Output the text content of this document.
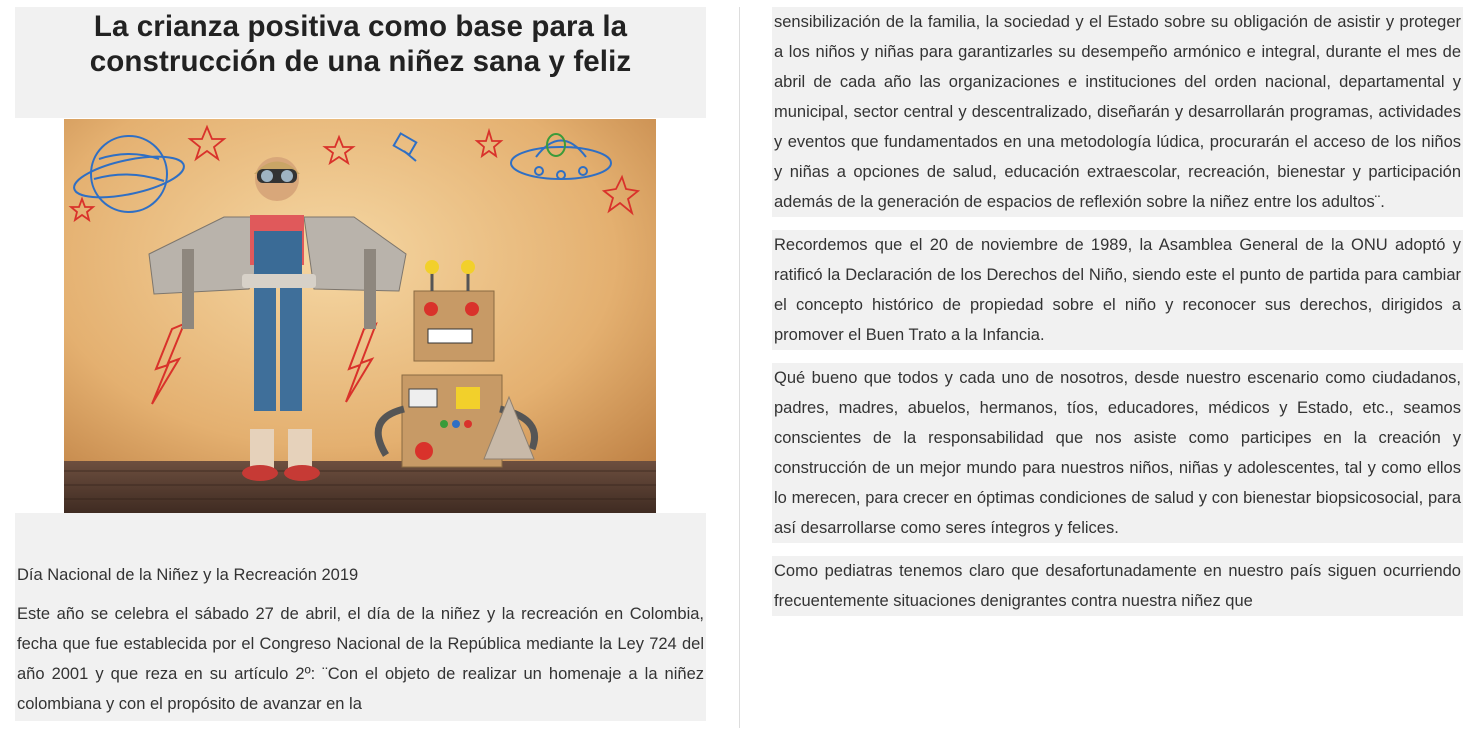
La crianza positiva como base para la
construcción de una niñez sana y feliz

Día Nacional de la Niñez y la Recreación 2019

Este año se celebra el sábado 27 de abril, el día de la niñez y la recreación en Colombia, fecha que fue establecida por el Congreso Nacional de la República mediante la Ley 724 del año 2001 y que reza en su artículo 2º: ¨Con el objeto de realizar un homenaje a la niñez colombiana y con el propósito de avanzar en la

sensibilización de la familia, la sociedad y el Estado sobre su obligación de asistir y proteger a los niños y niñas para garantizarles su desempeño armónico e integral, durante el mes de abril de cada año las organizaciones e instituciones del orden nacional, departamental y municipal, sector central y descentralizado, diseñarán y desarrollarán programas, actividades y eventos que fundamentados en una metodología lúdica, procurarán el acceso de los niños y niñas a opciones de salud, educación extraescolar, recreación, bienestar y participación además de la generación de espacios de reflexión sobre la niñez entre los adultos¨.

Recordemos que el 20 de noviembre de 1989, la Asamblea General de la ONU adoptó y ratificó la Declaración de los Derechos del Niño, siendo este el punto de partida para cambiar el concepto histórico de propiedad sobre el niño y reconocer sus derechos, dirigidos a promover el Buen Trato a la Infancia.

Qué bueno que todos y cada uno de nosotros, desde nuestro escenario como ciudadanos, padres, madres, abuelos, hermanos, tíos, educadores, médicos y Estado, etc., seamos conscientes de la responsabilidad que nos asiste como participes en la creación y construcción de un mejor mundo para nuestros niños, niñas y adolescentes, tal y como ellos lo merecen, para crecer en óptimas condiciones de salud y con bienestar biopsicosocial, para así desarrollarse como seres íntegros y felices.

Como pediatras tenemos claro que desafortunadamente en nuestro país siguen ocurriendo frecuentemente situaciones denigrantes contra nuestra niñez que
